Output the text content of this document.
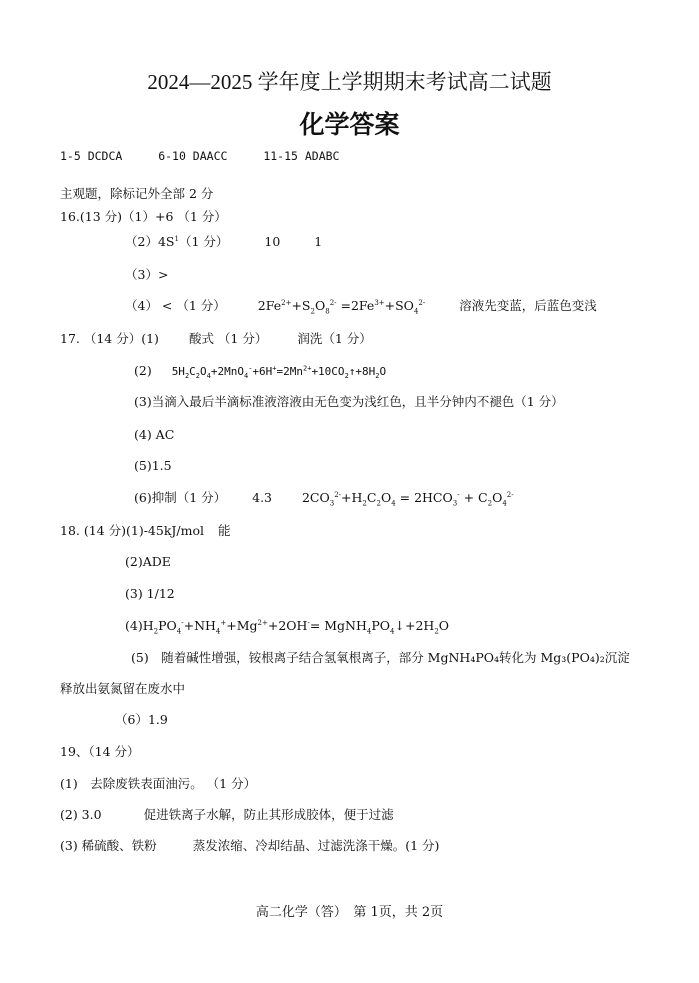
2024—2025 学年度上学期期末考试高二试题
化学答案
1-5 DCDCA	6-10 DAACC	11-15 ADABC
主观题，除标记外全部 2 分
16.(13 分)（1）+6 （1 分）
$(2)4S^1(1$ 分）	10	1
（3）>
（4） < （1 分）	$2Fe^{2+}+S_2O_8^{2-} =2Fe^{3+}+SO_4^{2-}$	溶液先变蓝，后蓝色变浅
17. （14 分）(1) 酸式 （1 分） 润洗（1 分）
(2) $5H_2C_2O_4+2MnO_4^-+6H^+=2Mn^{2+}+10CO_2↑+8H_2O$
(3)当滴入最后半滴标准液溶液由无色变为浅红色，且半分钟内不褪色（1 分）
(4) AC
(5)1.5
(6)抑制（1 分） 4.3 $2CO_3^{2-}+H_2C_2O_4 = 2HCO_3^- + C_2O_4^{2-}$
18. (14 分)(1)-45kJ/mol 能
(2)ADE
(3) 1/12
$(4)H_2PO_4^-+NH_4^++Mg^{2+}+2OH^-=$ $MgNH_4PO_4↓+2H_2O$
(5)　随着碱性增强，铵根离子结合氢氧根离子，部分 MgNH₄PO₄转化为 Mg₃(PO₄)₂沉淀
释放出氨氮留在废水中
（6）1.9
19、（14 分）
(1)　去除废铁表面油污。 （1 分）
(2) 3.0	促进铁离子水解，防止其形成胶体，便于过滤
(3) 稀硫酸、铁粉	蒸发浓缩、冷却结晶、过滤洗涤干燥。(1 分)
高二化学（答）　第 1页，共 2页
